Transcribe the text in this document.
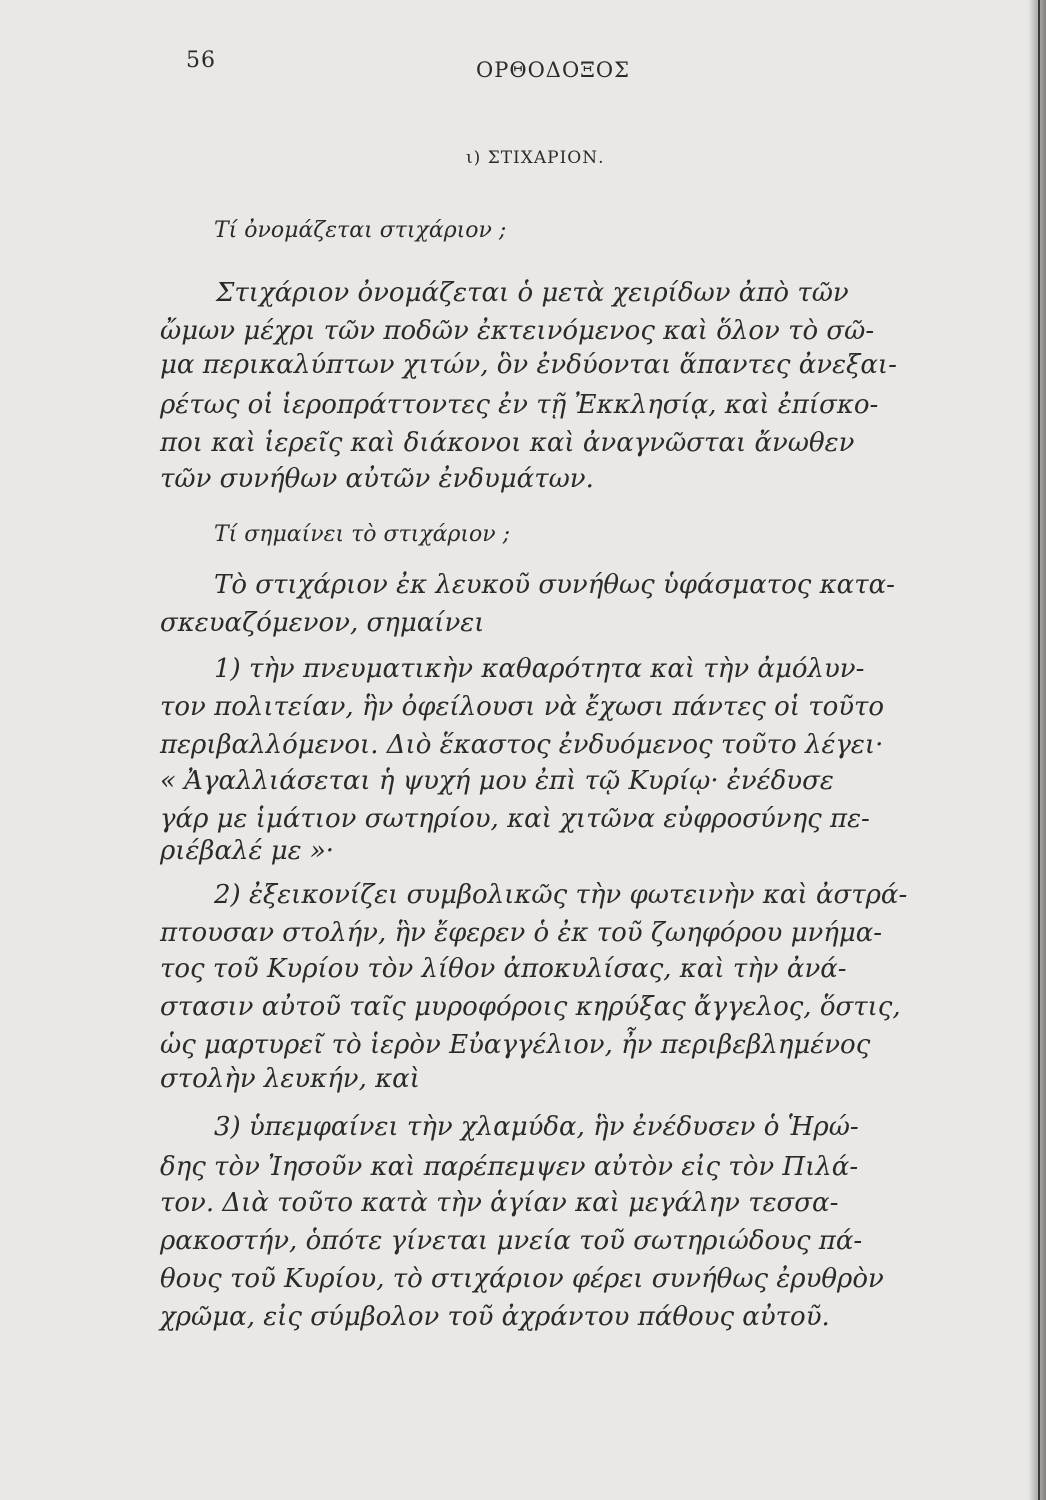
56	ΟΡΘΟΔΟΞΟΣ
ι) ΣΤΙΧΑΡΙΟΝ.
Τί ὀνομάζεται στιχάριον ;
Στιχάριον ὀνομάζεται ὁ μετὰ χειρίδων ἀπὸ τῶν
ὤμων μέχρι τῶν ποδῶν ἐκτεινόμενος καὶ ὅλον τὸ σῶ-
μα περικαλύπτων χιτών, ὃν ἐνδύονται ἅπαντες ἀνεξαι-
ρέτως οἱ ἱεροπράττοντες ἐν τῇ Ἐκκλησίᾳ, καὶ ἐπίσκο-
ποι καὶ ἱερεῖς καὶ διάκονοι καὶ ἀναγνῶσται ἄνωθεν
τῶν συνήθων αὐτῶν ἐνδυμάτων.
Τί σημαίνει τὸ στιχάριον ;
Τὸ στιχάριον ἐκ λευκοῦ συνήθως ὑφάσματος κατα-
σκευαζόμενον, σημαίνει
1) τὴν πνευματικὴν καθαρότητα καὶ τὴν ἀμόλυν-
τον πολιτείαν, ἣν ὀφείλουσι νὰ ἔχωσι πάντες οἱ τοῦτο
περιβαλλόμενοι. Διὸ ἕκαστος ἐνδυόμενος τοῦτο λέγει·
« Ἀγαλλιάσεται ἡ ψυχή μου ἐπὶ τῷ Κυρίῳ· ἐνέδυσε
γάρ με ἱμάτιον σωτηρίου, καὶ χιτῶνα εὐφροσύνης πε-
ριέβαλέ με »·
2) ἐξεικονίζει συμβολικῶς τὴν φωτεινὴν καὶ ἀστρά-
πτουσαν στολήν, ἣν ἔφερεν ὁ ἐκ τοῦ ζωηφόρου μνήμα-
τος τοῦ Κυρίου τὸν λίθον ἀποκυλίσας, καὶ τὴν ἀνά-
στασιν αὐτοῦ ταῖς μυροφόροις κηρύξας ἄγγελος, ὅστις,
ὡς μαρτυρεῖ τὸ ἱερὸν Εὐαγγέλιον, ἦν περιβεβλημένος
στολὴν λευκήν, καὶ
3) ὑπεμφαίνει τὴν χλαμύδα, ἣν ἐνέδυσεν ὁ Ἡρώ-
δης τὸν Ἰησοῦν καὶ παρέπεμψεν αὐτὸν εἰς τὸν Πιλά-
τον. Διὰ τοῦτο κατὰ τὴν ἁγίαν καὶ μεγάλην τεσσα-
ρακοστήν, ὁπότε γίνεται μνεία τοῦ σωτηριώδους πά-
θους τοῦ Κυρίου, τὸ στιχάριον φέρει συνήθως ἐρυθρὸν
χρῶμα, εἰς σύμβολον τοῦ ἀχράντου πάθους αὐτοῦ.
